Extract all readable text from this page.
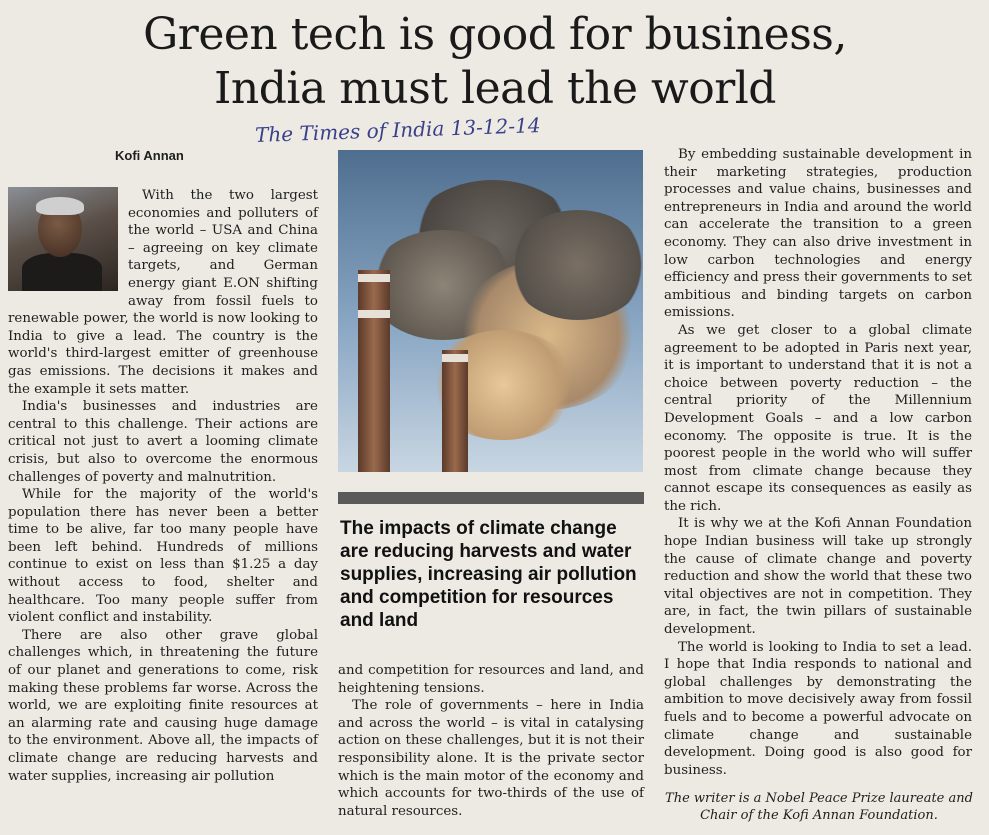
Green tech is good for business,
India must lead the world
The Times of India 13-12-14
Kofi Annan

With the two largest economies and polluters of the world – USA and China – agreeing on key climate targets, and German energy giant E.ON shifting away from fossil fuels to renewable power, the world is now looking to India to give a lead. The country is the world's third-largest emitter of greenhouse gas emissions. The decisions it makes and the example it sets matter.

India's businesses and industries are central to this challenge. Their actions are critical not just to avert a looming climate crisis, but also to overcome the enormous challenges of poverty and malnutrition.

While for the majority of the world's population there has never been a better time to be alive, far too many people have been left behind. Hundreds of millions continue to exist on less than $1.25 a day without access to food, shelter and healthcare. Too many people suffer from violent conflict and instability.

There are also other grave global challenges which, in threatening the future of our planet and generations to come, risk making these problems far worse. Across the world, we are exploiting finite resources at an alarming rate and causing huge damage to the environment. Above all, the impacts of climate change are reducing harvests and water supplies, increasing air pollution

The impacts of climate change are reducing harvests and water supplies, increasing air pollution and competition for resources and land

and competition for resources and land, and heightening tensions.

The role of governments – here in India and across the world – is vital in catalysing action on these challenges, but it is not their responsibility alone. It is the private sector which is the main motor of the economy and which accounts for two-thirds of the use of natural resources.

By embedding sustainable development in their marketing strategies, production processes and value chains, businesses and entrepreneurs in India and around the world can accelerate the transition to a green economy. They can also drive investment in low carbon technologies and energy efficiency and press their governments to set ambitious and binding targets on carbon emissions.

As we get closer to a global climate agreement to be adopted in Paris next year, it is important to understand that it is not a choice between poverty reduction – the central priority of the Millennium Development Goals – and a low carbon economy. The opposite is true. It is the poorest people in the world who will suffer most from climate change because they cannot escape its consequences as easily as the rich.

It is why we at the Kofi Annan Foundation hope Indian business will take up strongly the cause of climate change and poverty reduction and show the world that these two vital objectives are not in competition. They are, in fact, the twin pillars of sustainable development.

The world is looking to India to set a lead. I hope that India responds to national and global challenges by demonstrating the ambition to move decisively away from fossil fuels and to become a powerful advocate on climate change and sustainable development. Doing good is also good for business.

The writer is a Nobel Peace Prize laureate and Chair of the Kofi Annan Foundation.
